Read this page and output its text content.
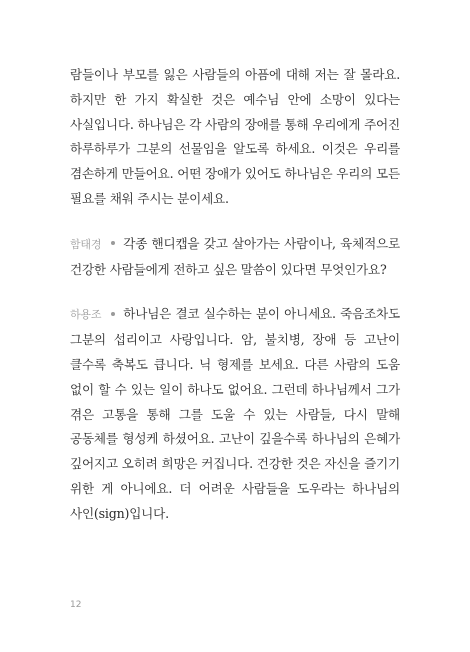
람들이나 부모를 잃은 사람들의 아픔에 대해 저는 잘 몰라요. 하지만 한 가지 확실한 것은 예수님 안에 소망이 있다는 사실입니다. 하나님은 각 사람의 장애를 통해 우리에게 주어진 하루하루가 그분의 선물임을 알도록 하세요. 이것은 우리를 겸손하게 만들어요. 어떤 장애가 있어도 하나님은 우리의 모든 필요를 채워 주시는 분이세요.

함태경 각종 핸디캡을 갖고 살아가는 사람이나, 육체적으로 건강한 사람들에게 전하고 싶은 말씀이 있다면 무엇인가요?

하용조 하나님은 결코 실수하는 분이 아니세요. 죽음조차도 그분의 섭리이고 사랑입니다. 암, 불치병, 장애 등 고난이 클수록 축복도 큽니다. 닉 형제를 보세요. 다른 사람의 도움 없이 할 수 있는 일이 하나도 없어요. 그런데 하나님께서 그가 겪은 고통을 통해 그를 도울 수 있는 사람들, 다시 말해 공동체를 형성케 하셨어요. 고난이 깊을수록 하나님의 은혜가 깊어지고 오히려 희망은 커집니다. 건강한 것은 자신을 즐기기 위한 게 아니에요. 더 어려운 사람들을 도우라는 하나님의 사인(sign)입니다.

12
